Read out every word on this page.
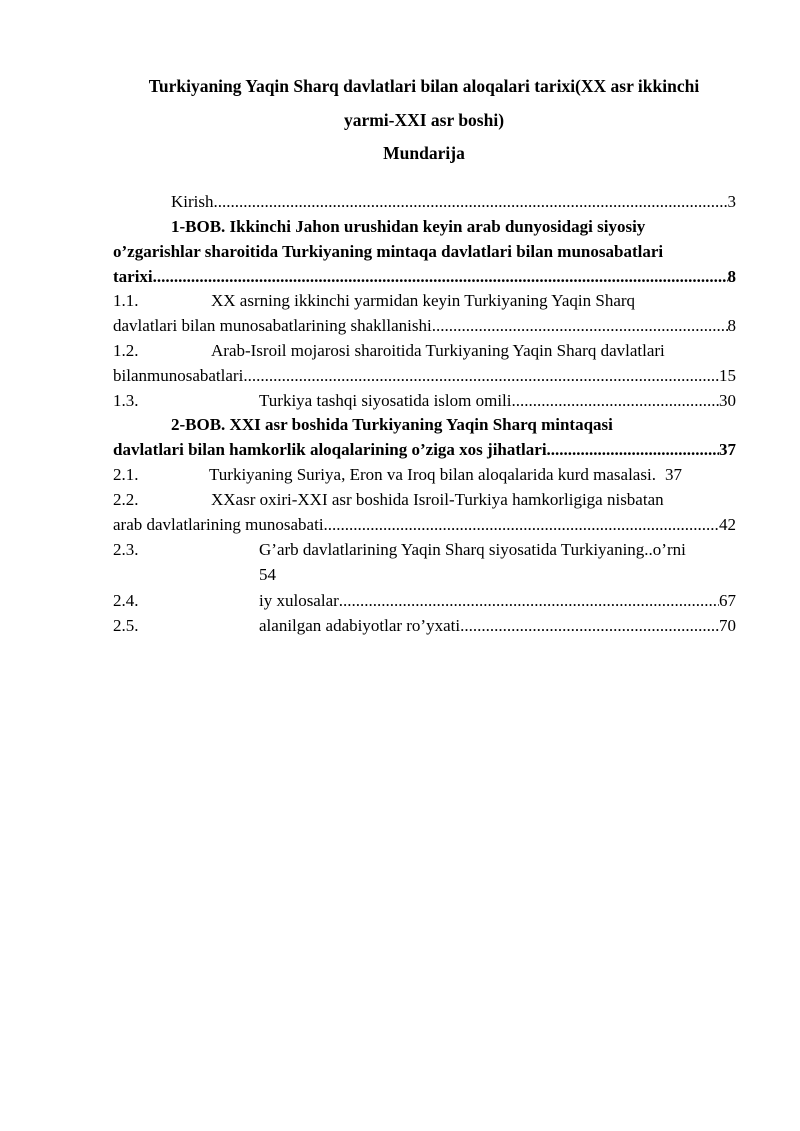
Turkiyaning Yaqin Sharq davlatlari bilan aloqalari tarixi(XX asr ikkinchi
yarmi-XXI asr boshi)
Mundarija
Kirish .....	3
1-BOB. Ikkinchi Jahon urushidan keyin arab dunyosidagi siyosiy
o’zgarishlar sharoitida Turkiyaning mintaqa davlatlari bilan munosabatlari
tarixi .....	8
1.1.	XX asrning ikkinchi yarmidan keyin Turkiyaning Yaqin Sharq
davlatlari bilan munosabatlarining shakllanishi .....	8
1.2.	Arab-Isroil mojarosi sharoitida Turkiyaning Yaqin Sharq davlatlari
bilanmunosabatlari .....	15
1.3.	Turkiya tashqi siyosatida islom omili .....	30
2-BOB. XXI asr boshida Turkiyaning Yaqin Sharq mintaqasi
davlatlari bilan hamkorlik aloqalarining o’ziga xos jihatlari .....	37
2.1.	Turkiyaning Suriya, Eron va Iroq bilan aloqalarida kurd masalasi. 37
2.2.	XXasr oxiri-XXI asr boshida Isroil-Turkiya hamkorligiga nisbatan
arab davlatlarining munosabati .....	42
2.3.	G’arb davlatlarining Yaqin Sharq siyosatida Turkiyaning..o’rni
54
2.4.	iy xulosalar .....	67
2.5.	alanilgan adabiyotlar ro’yxati .....	70
